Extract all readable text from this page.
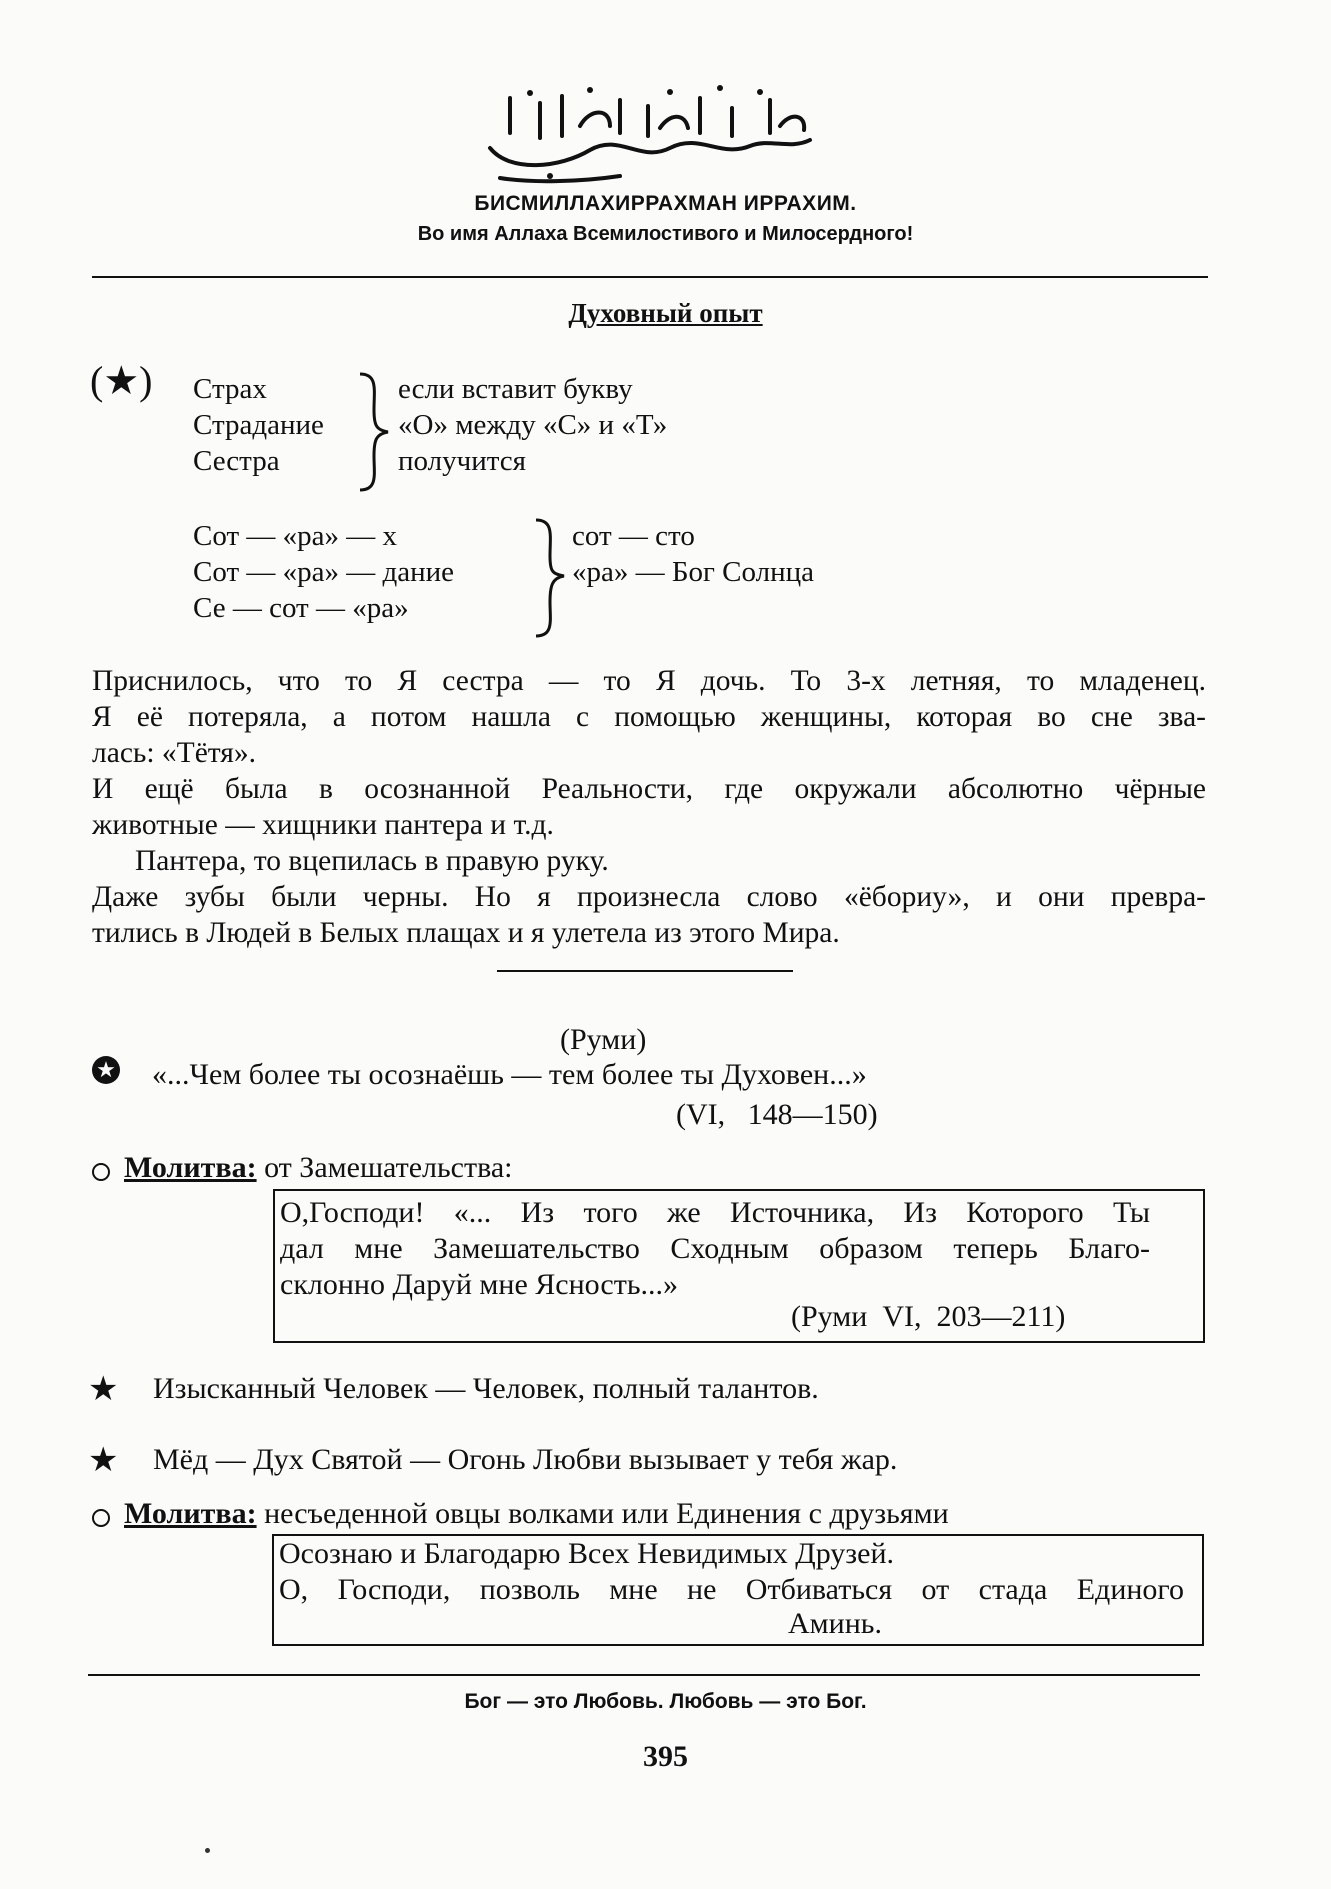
БИСМИЛЛАХИРРАХМАН ИРРАХИМ.
Во имя Аллаха Всемилостивого и Милосердного!
Духовный опыт
(★) Страх
Страдание
Сестра
если вставит букву
«О» между «С» и «Т»
получится
Сот — «ра» — х
Сот — «ра» — дание
Се — сот — «ра»
сот — сто
«ра» — Бог Солнца
Приснилось, что то Я сестра — то Я дочь. То 3-х летняя, то младенец.
Я её потеряла, а потом нашла с помощью женщины, которая во сне зва-
лась: «Тётя».
И ещё была в осознанной Реальности, где окружали абсолютно чёрные
животные — хищники пантера и т.д.
Пантера, то вцепилась в правую руку.
Даже зубы были черны. Но я произнесла слово «ёбориу», и они превра-
тились в Людей в Белых плащах и я улетела из этого Мира.
(Руми)
★ «...Чем более ты осознаёшь — тем более ты Духовен...»
(VI,   148—150)
Молитва: от Замешательства:
О,Господи! «... Из того же Источника, Из Которого Ты
дал мне Замешательство Сходным образом теперь Благо-
склонно Даруй мне Ясность...»
(Руми  VI,  203—211)
★ Изысканный Человек — Человек, полный талантов.
★ Мёд — Дух Святой — Огонь Любви вызывает у тебя жар.
Молитва: несъеденной овцы волками или Единения с друзьями
Осознаю и Благодарю Всех Невидимых Друзей.
О, Господи, позволь мне не Отбиваться от стада Единого
Аминь.
Бог — это Любовь. Любовь — это Бог.
395
